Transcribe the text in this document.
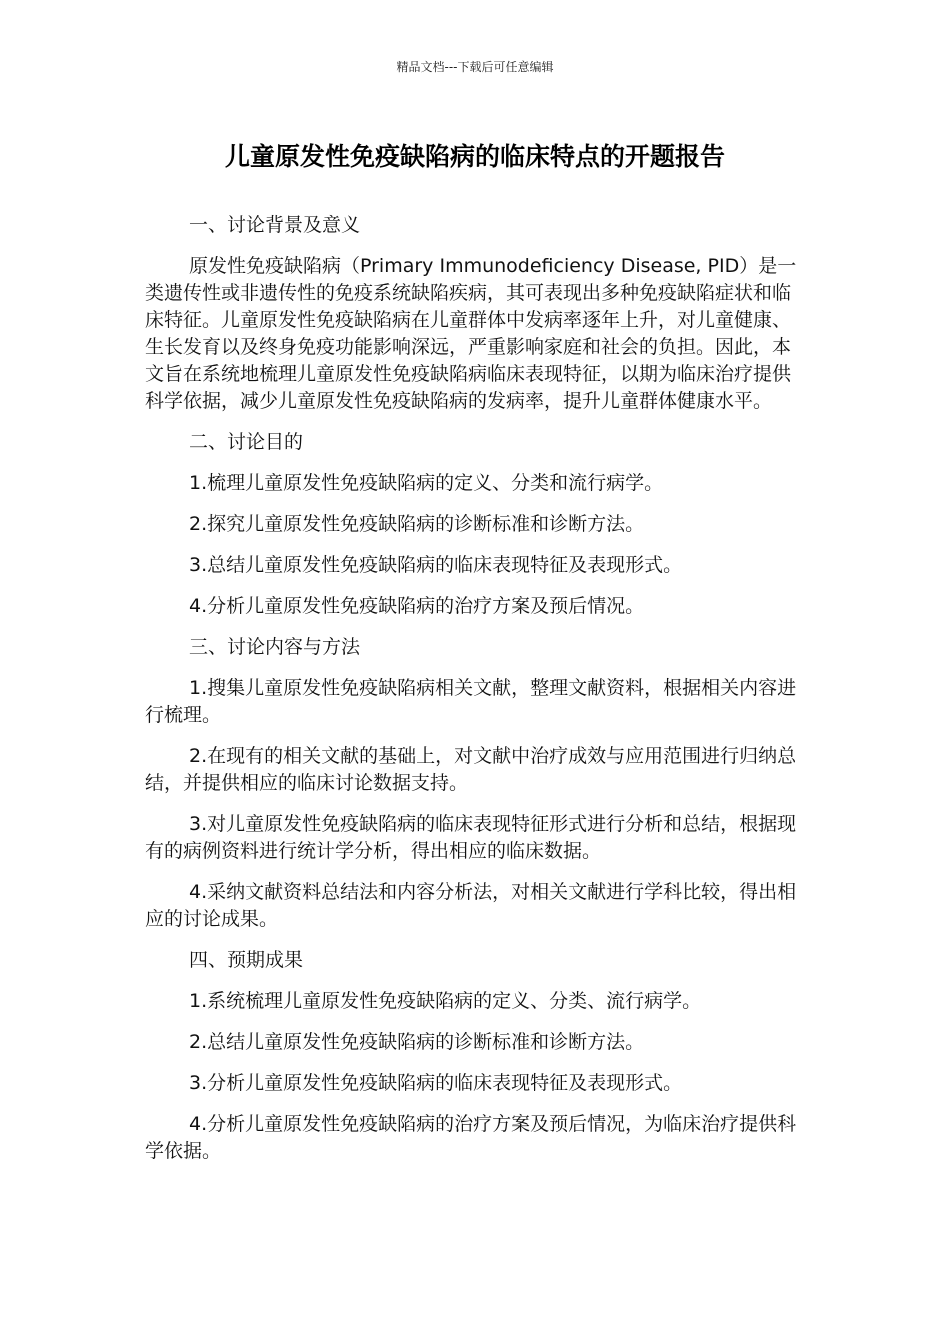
精品文档---下载后可任意编辑
儿童原发性免疫缺陷病的临床特点的开题报告

一、讨论背景及意义

原发性免疫缺陷病（Primary Immunodeficiency Disease, PID）是一类遗传性或非遗传性的免疫系统缺陷疾病，其可表现出多种免疫缺陷症状和临床特征。儿童原发性免疫缺陷病在儿童群体中发病率逐年上升，对儿童健康、生长发育以及终身免疫功能影响深远，严重影响家庭和社会的负担。因此，本文旨在系统地梳理儿童原发性免疫缺陷病临床表现特征，以期为临床治疗提供科学依据，减少儿童原发性免疫缺陷病的发病率，提升儿童群体健康水平。

二、讨论目的

1.梳理儿童原发性免疫缺陷病的定义、分类和流行病学。

2.探究儿童原发性免疫缺陷病的诊断标准和诊断方法。

3.总结儿童原发性免疫缺陷病的临床表现特征及表现形式。

4.分析儿童原发性免疫缺陷病的治疗方案及预后情况。

三、讨论内容与方法

1.搜集儿童原发性免疫缺陷病相关文献，整理文献资料，根据相关内容进行梳理。

2.在现有的相关文献的基础上，对文献中治疗成效与应用范围进行归纳总结，并提供相应的临床讨论数据支持。

3.对儿童原发性免疫缺陷病的临床表现特征形式进行分析和总结，根据现有的病例资料进行统计学分析，得出相应的临床数据。

4.采纳文献资料总结法和内容分析法，对相关文献进行学科比较，得出相应的讨论成果。

四、预期成果

1.系统梳理儿童原发性免疫缺陷病的定义、分类、流行病学。

2.总结儿童原发性免疫缺陷病的诊断标准和诊断方法。

3.分析儿童原发性免疫缺陷病的临床表现特征及表现形式。

4.分析儿童原发性免疫缺陷病的治疗方案及预后情况，为临床治疗提供科学依据。
